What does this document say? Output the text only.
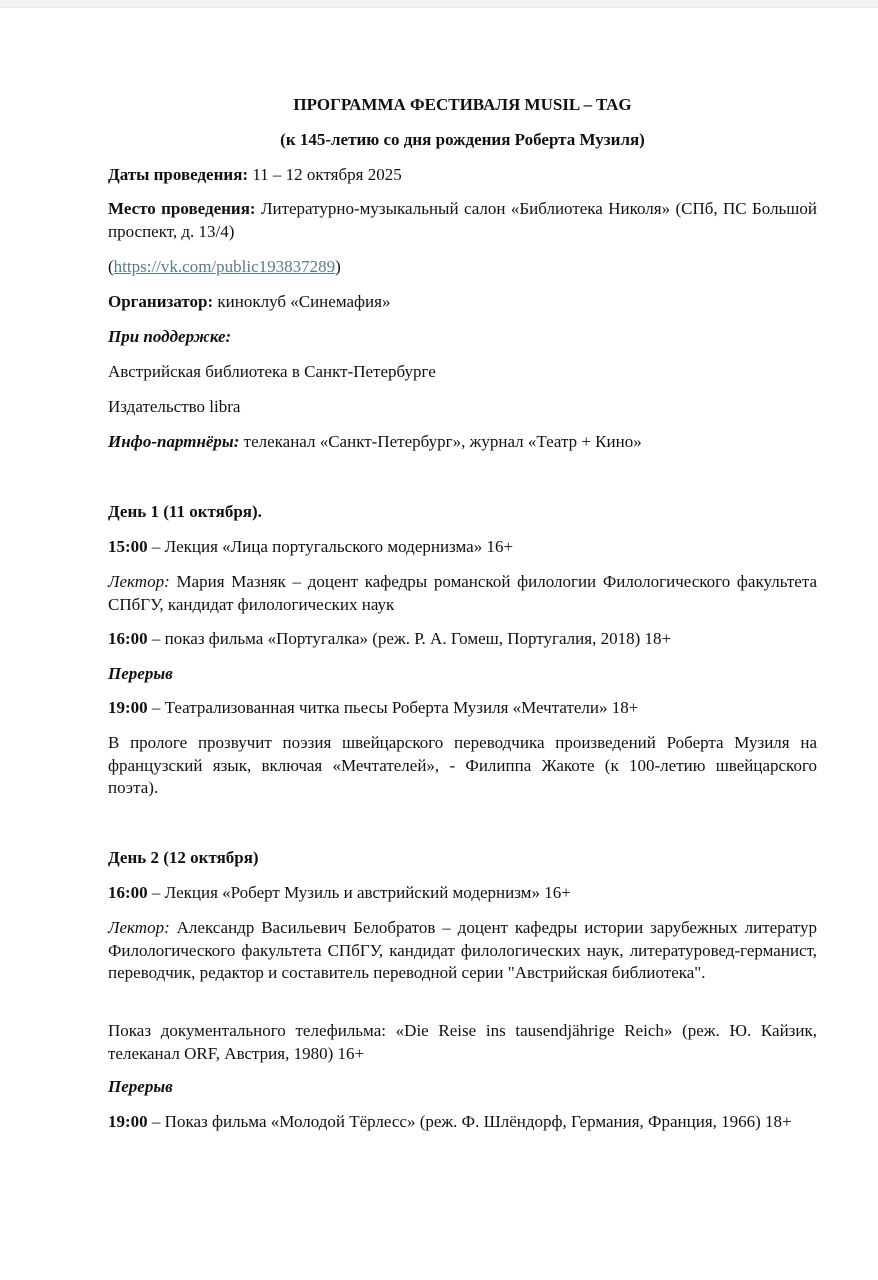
ПРОГРАММА ФЕСТИВАЛЯ MUSIL – TAG

(к 145-летию со дня рождения Роберта Музиля)

Даты проведения: 11 – 12 октября 2025

Место проведения: Литературно-музыкальный салон «Библиотека Николя» (СПб, ПС Большой проспект, д. 13/4)

(https://vk.com/public193837289)

Организатор: киноклуб «Синемафия»

При поддержке:

Австрийская библиотека в Санкт-Петербурге

Издательство libra

Инфо-партнёры: телеканал «Санкт-Петербург», журнал «Театр + Кино»

День 1 (11 октября).

15:00 – Лекция «Лица португальского модернизма» 16+

Лектор: Мария Мазняк – доцент кафедры романской филологии Филологического факультета СПбГУ, кандидат филологических наук

16:00 – показ фильма «Португалка» (реж. Р. А. Гомеш, Португалия, 2018) 18+

Перерыв

19:00 – Театрализованная читка пьесы Роберта Музиля «Мечтатели» 18+

В прологе прозвучит поэзия швейцарского переводчика произведений Роберта Музиля на французский язык, включая «Мечтателей», - Филиппа Жакоте (к 100-летию швейцарского поэта).

День 2 (12 октября)

16:00 – Лекция «Роберт Музиль и австрийский модернизм» 16+

Лектор: Александр Васильевич Белобратов – доцент кафедры истории зарубежных литератур Филологического факультета СПбГУ, кандидат филологических наук, литературовед-германист, переводчик, редактор и составитель переводной серии "Австрийская библиотека".

Показ документального телефильма: «Die Reise ins tausendjährige Reich» (реж. Ю. Кайзик, телеканал ORF, Австрия, 1980) 16+

Перерыв

19:00 – Показ фильма «Молодой Тёрлесс» (реж. Ф. Шлёндорф, Германия, Франция, 1966) 18+
